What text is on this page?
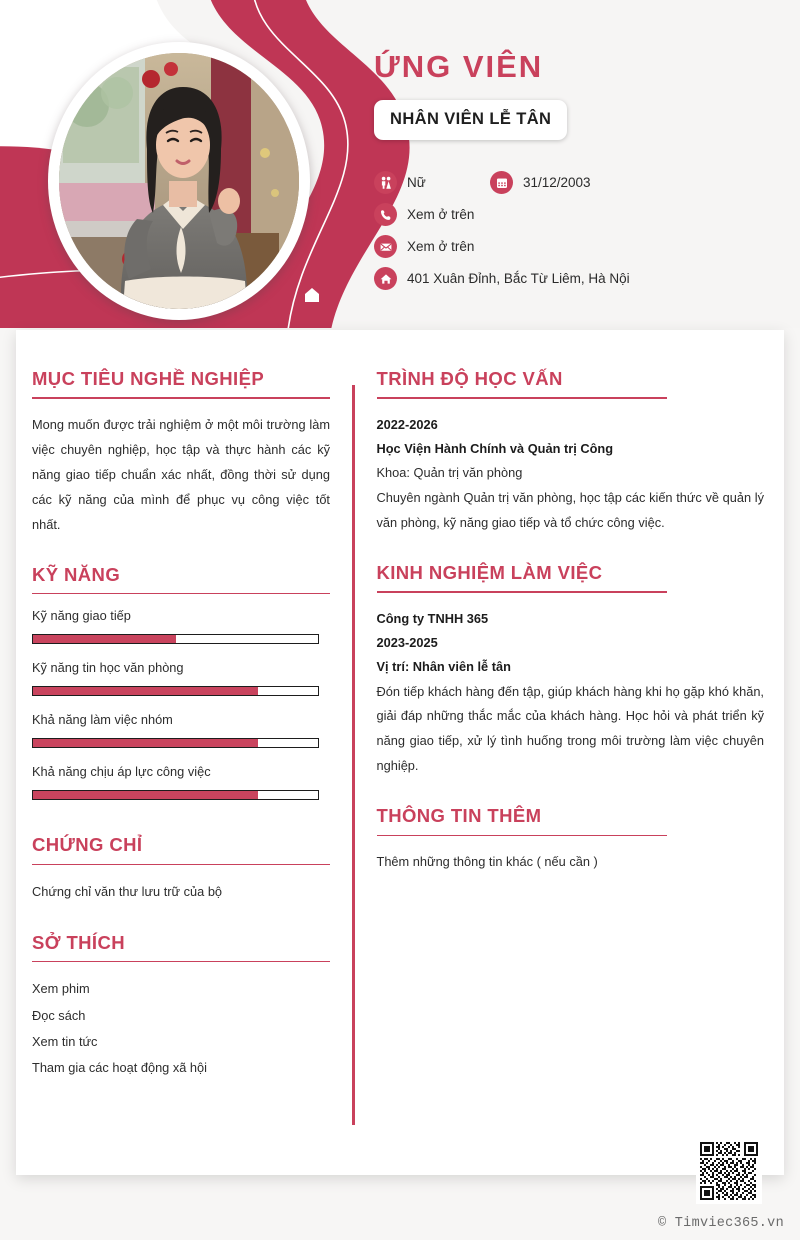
ỨNG VIÊN
NHÂN VIÊN LỄ TÂN
Nữ	31/12/2003
Xem ở trên
Xem ở trên
401 Xuân Đỉnh, Bắc Từ Liêm, Hà Nội
MỤC TIÊU NGHỀ NGHIỆP
Mong muốn được trải nghiệm ở một môi trường làm việc chuyên nghiệp, học tập và thực hành các kỹ năng giao tiếp chuẩn xác nhất, đồng thời sử dụng các kỹ năng của mình để phục vụ công việc tốt nhất.
KỸ NĂNG
Kỹ năng giao tiếp
Kỹ năng tin học văn phòng
Khả năng làm việc nhóm
Khả năng chịu áp lực công việc
CHỨNG CHỈ
Chứng chỉ văn thư lưu trữ của bộ
SỞ THÍCH
Xem phim
Đọc sách
Xem tin tức
Tham gia các hoạt động xã hội
TRÌNH ĐỘ HỌC VẤN
2022-2026
Học Viện Hành Chính và Quản trị Công
Khoa: Quản trị văn phòng
Chuyên ngành Quản trị văn phòng, học tập các kiến thức về quản lý văn phòng, kỹ năng giao tiếp và tổ chức công việc.
KINH NGHIỆM LÀM VIỆC
Công ty TNHH 365
2023-2025
Vị trí: Nhân viên lễ tân
Đón tiếp khách hàng đến tập, giúp khách hàng khi họ gặp khó khăn, giải đáp những thắc mắc của khách hàng. Học hỏi và phát triển kỹ năng giao tiếp, xử lý tình huống trong môi trường làm việc chuyên nghiệp.
THÔNG TIN THÊM
Thêm những thông tin khác ( nếu cần )
© Timviec365.vn
